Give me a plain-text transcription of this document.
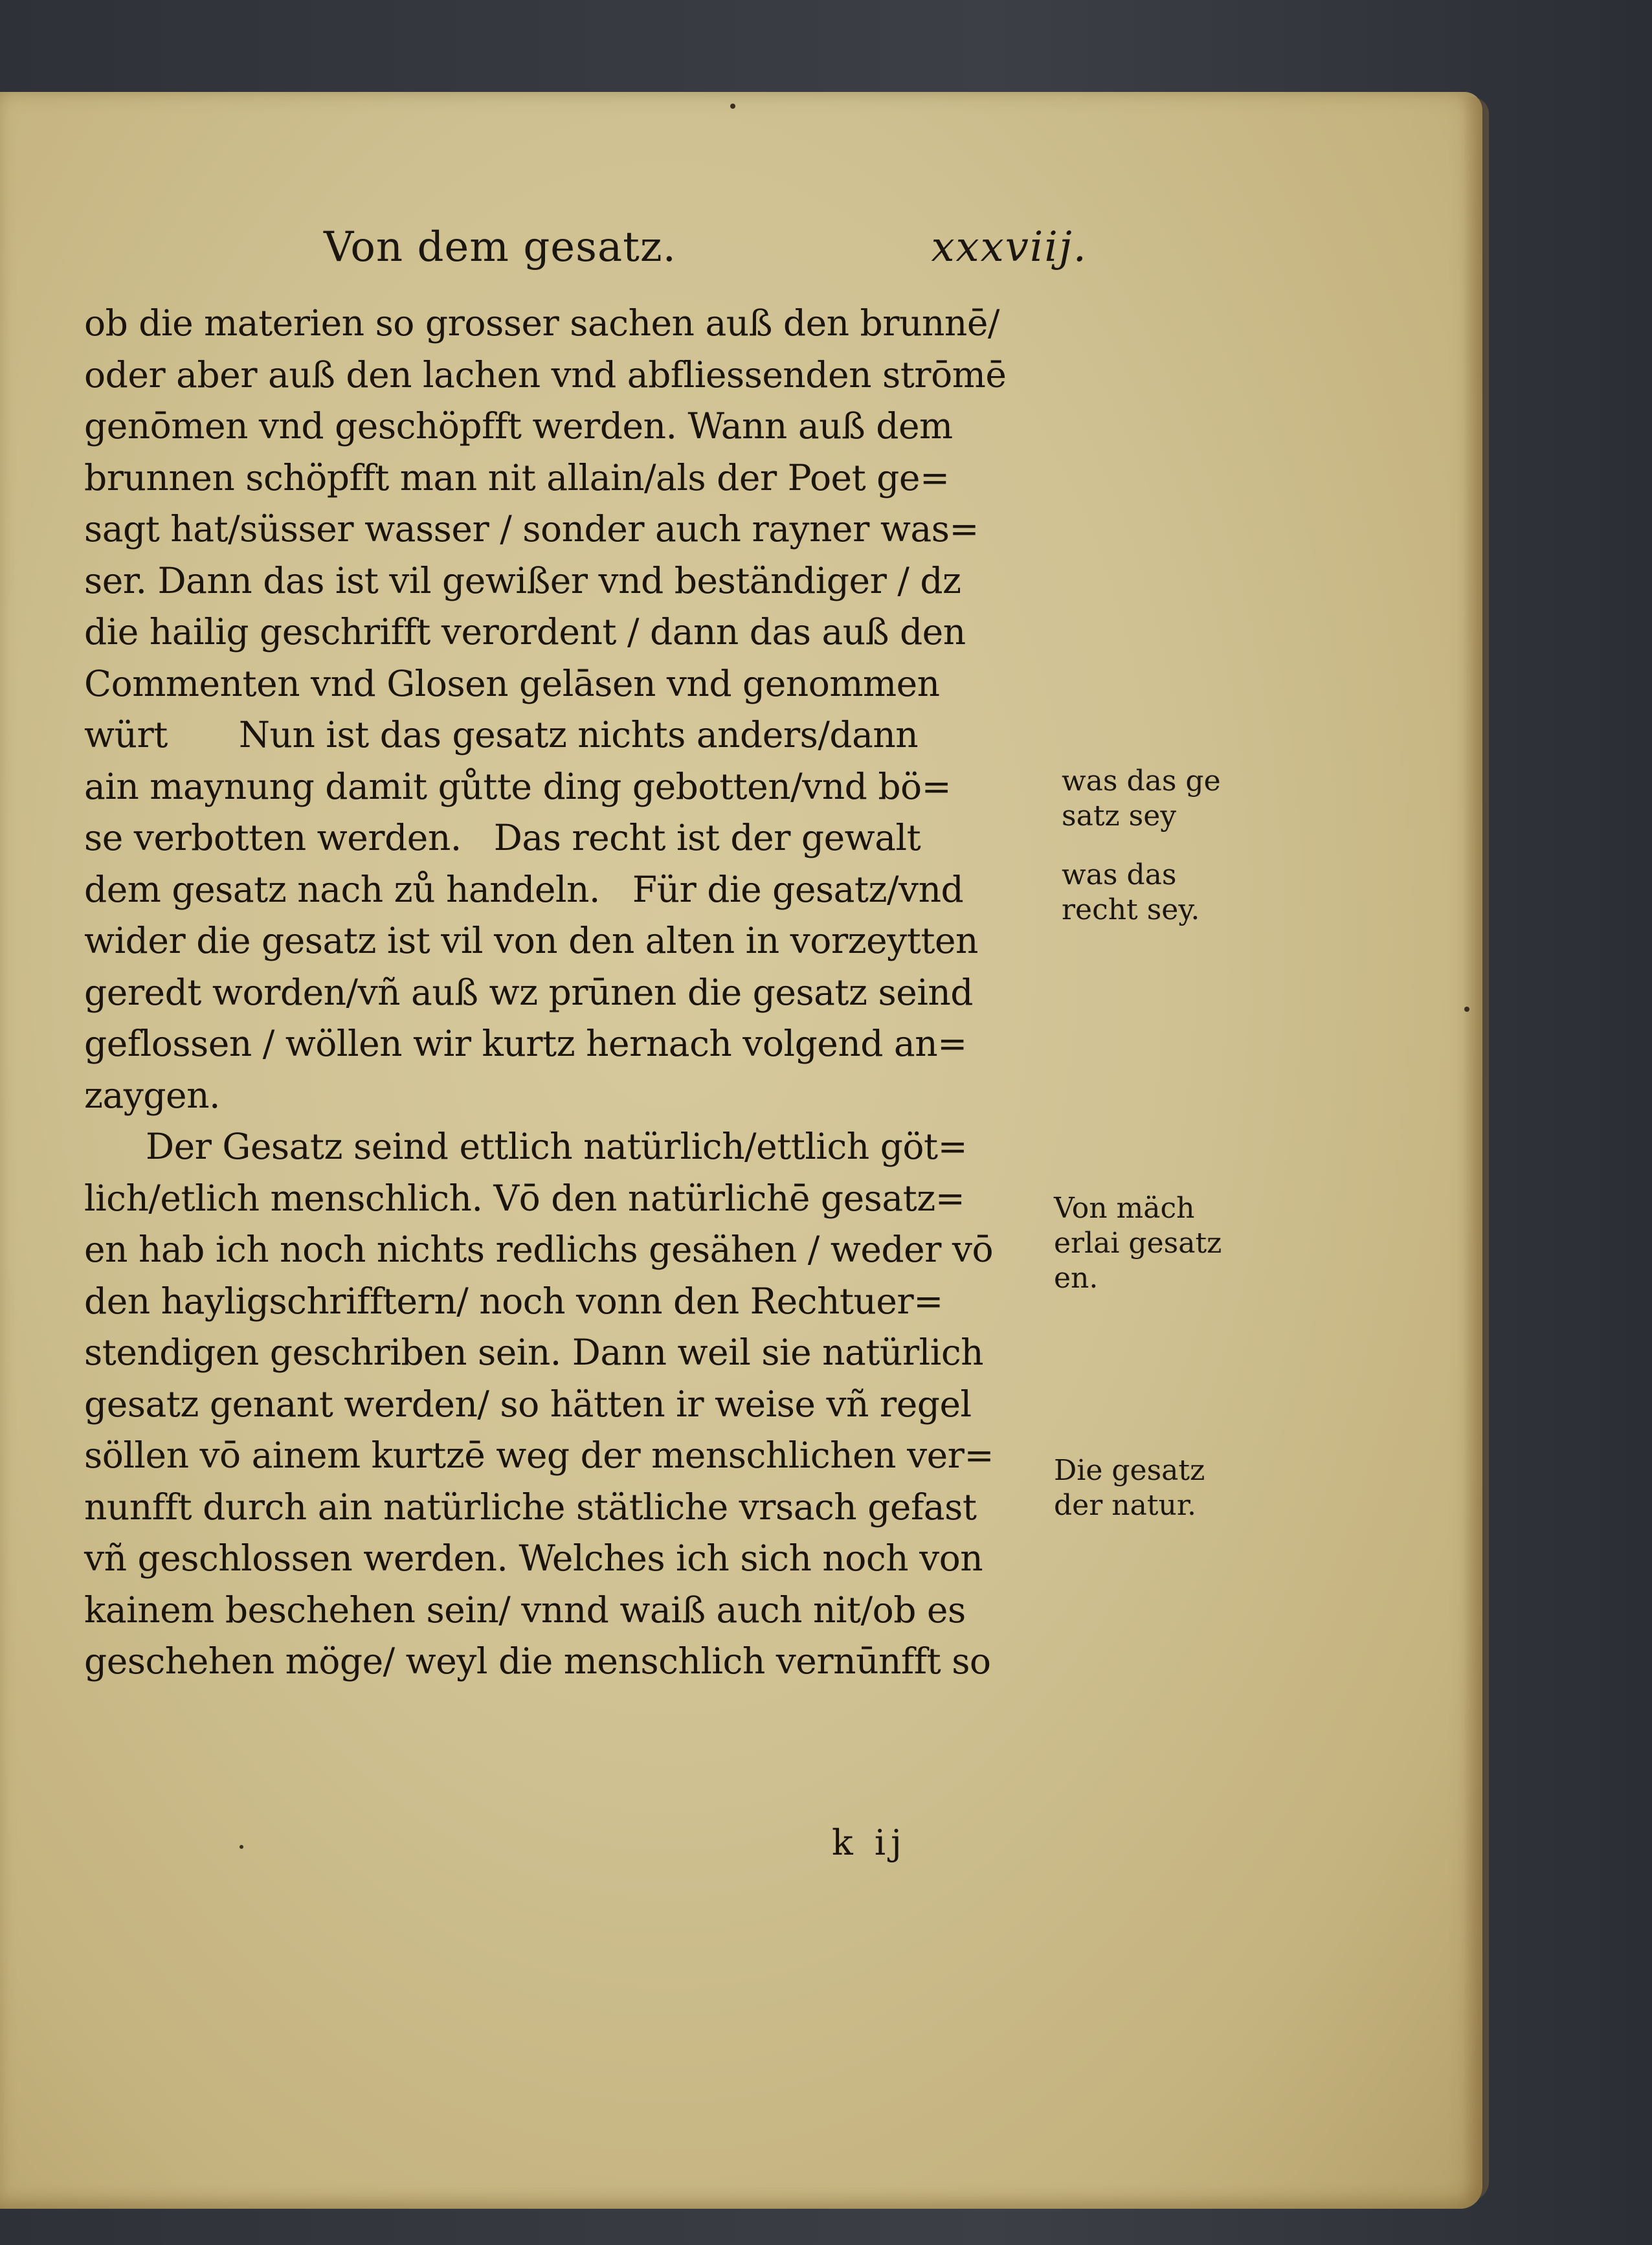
Von dem gesatz.	xxxviij.
ob die materien so grosser sachen auß den brunnē/
oder aber auß den lachen vnd abfliessenden strōmē
genōmen vnd geschöpfft werden. Wann auß dem
brunnen schöpfft man nit allain/als der Poet ge=
sagt hat/süsser wasser / sonder auch rayner was=
ser. Dann das ist vil gewißer vnd beständiger / dz
die hailig geschrifft verordent / dann das auß den
Commenten vnd Glosen gelāsen vnd genommen
würt Nun ist das gesatz nichts anders/dann
ain maynung damit gůtte ding gebotten/vnd bö=
se verbotten werden. Das recht ist der gewalt
dem gesatz nach zů handeln. Für die gesatz/vnd
wider die gesatz ist vil von den alten in vorzeytten
geredt worden/vñ auß wz prūnen die gesatz seind
geflossen / wöllen wir kurtz hernach volgend an=
zaygen.
Der Gesatz seind ettlich natürlich/ettlich göt=
lich/etlich menschlich. Vō den natürlichē gesatz=
en hab ich noch nichts redlichs gesähen / weder vō
den hayligschrifftern/ noch vonn den Rechtuer=
stendigen geschriben sein. Dann weil sie natürlich
gesatz genant werden/ so hätten ir weise vñ regel
söllen vō ainem kurtzē weg der menschlichen ver=
nunfft durch ain natürliche stätliche vrsach gefast
vñ geschlossen werden. Welches ich sich noch von
kainem beschehen sein/ vnnd waiß auch nit/ob es
geschehen möge/ weyl die menschlich vernūnfft so
was das ge
satz sey
was das
recht sey.
Von mäch
erlai gesatz
en.
Die gesatz
der natur.
k ij
